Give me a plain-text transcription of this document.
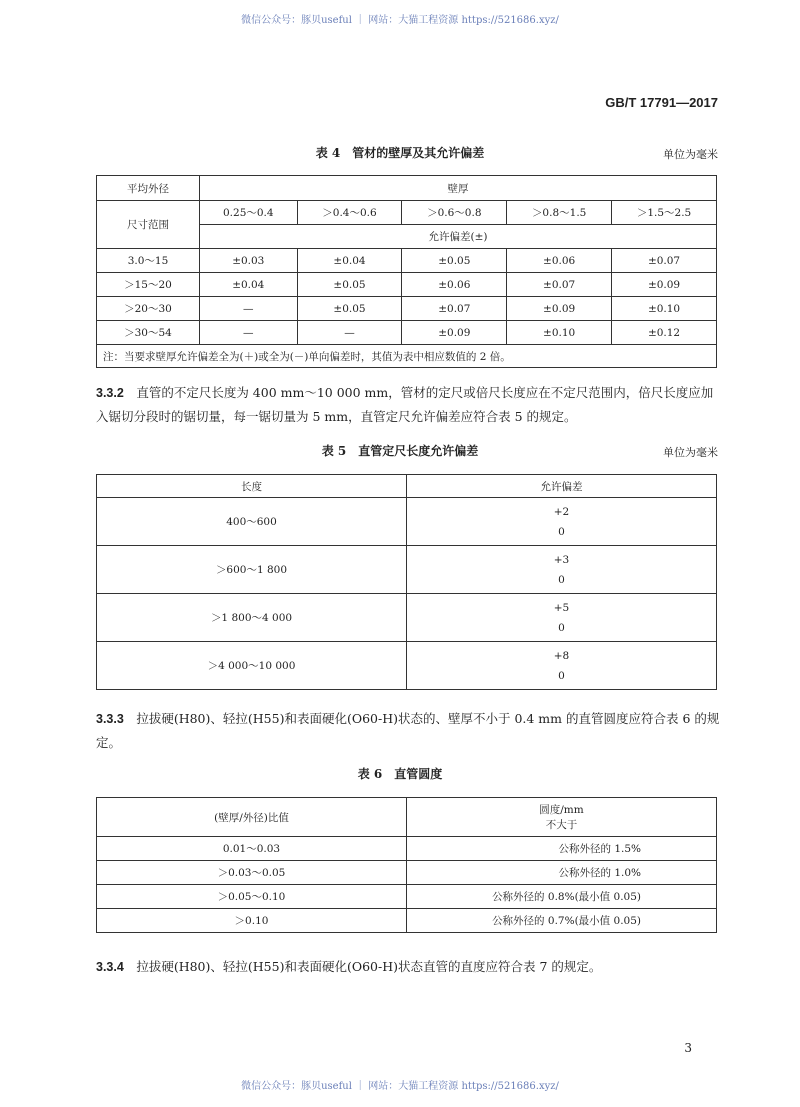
微信公众号：豚贝useful ｜ 网站：大猫工程资源 https://521686.xyz/
GB/T 17791—2017
表 4　管材的壁厚及其允许偏差	单位为毫米
平均外径	壁厚				
尺寸范围	0.25～0.4	＞0.4～0.6	＞0.6～0.8	＞0.8～1.5	＞1.5～2.5
	允许偏差(±)				
3.0～15	±0.03	±0.04	±0.05	±0.06	±0.07
＞15～20	±0.04	±0.05	±0.06	±0.07	±0.09
＞20～30	—	±0.05	±0.07	±0.09	±0.10
＞30～54	—	—	±0.09	±0.10	±0.12
注：当要求壁厚允许偏差全为(＋)或全为(－)单向偏差时，其值为表中相应数值的 2 倍。					
3.3.2　 直管的不定尺长度为 400 mm～10 000 mm，管材的定尺或倍尺长度应在不定尺范围内，倍尺长度应加入锯切分段时的锯切量，每一锯切量为 5 mm，直管定尺允许偏差应符合表 5 的规定。
表 5　直管定尺长度允许偏差	单位为毫米
长度	允许偏差
400～600	+2
0

＞600～1 800	+3
0

＞1 800～4 000	+5
0

＞4 000～10 000	+8
0
3.3.3　 拉拔硬(H80)、轻拉(H55)和表面硬化(O60-H)状态的、壁厚不小于 0.4 mm 的直管圆度应符合表 6 的规定。
表 6　直管圆度
(壁厚/外径)比值	圆度/mm
不大于

0.01～0.03	公称外径的 1.5%
＞0.03～0.05	公称外径的 1.0%
＞0.05～0.10	公称外径的 0.8%(最小值 0.05)
＞0.10	公称外径的 0.7%(最小值 0.05)
3.3.4　 拉拔硬(H80)、轻拉(H55)和表面硬化(O60-H)状态直管的直度应符合表 7 的规定。
3
微信公众号：豚贝useful ｜ 网站：大猫工程资源 https://521686.xyz/
